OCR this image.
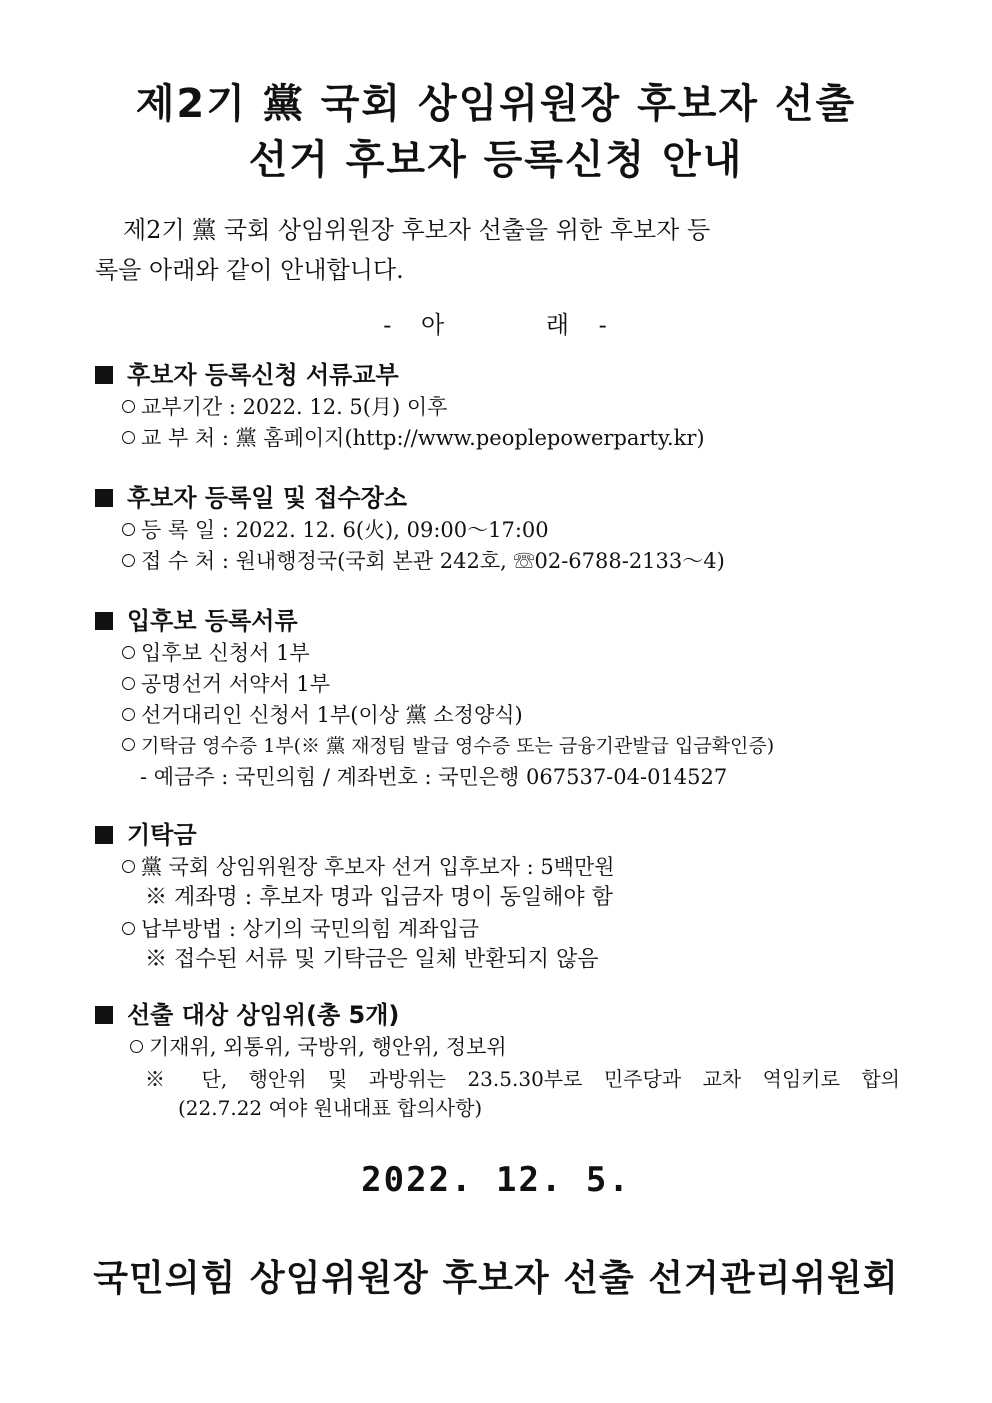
제2기 黨 국회 상임위원장 후보자 선출
선거 후보자 등록신청 안내
제2기 黨 국회 상임위원장 후보자 선출을 위한 후보자 등
록을 아래와 같이 안내합니다.
- 아	래 -
후보자 등록신청 서류교부
교부기간 : 2022. 12. 5(月) 이후
교 부 처 : 黨 홈페이지(http://www.peoplepowerparty.kr)
후보자 등록일 및 접수장소
등 록 일 : 2022. 12. 6(火), 09:00～17:00
접 수 처 : 원내행정국(국회 본관 242호, ☏02-6788-2133～4)
입후보 등록서류
입후보 신청서 1부
공명선거 서약서 1부
선거대리인 신청서 1부(이상 黨 소정양식)
기탁금 영수증 1부(※ 黨 재정팀 발급 영수증 또는 금융기관발급 입금확인증)
- 예금주 : 국민의힘 / 계좌번호 : 국민은행 067537-04-014527
기탁금
黨 국회 상임위원장 후보자 선거 입후보자 : 5백만원
※ 계좌명 : 후보자 명과 입금자 명이 동일해야 함
납부방법 : 상기의 국민의힘 계좌입금
※ 접수된 서류 및 기탁금은 일체 반환되지 않음
선출 대상 상임위(총 5개)
기재위, 외통위, 국방위, 행안위, 정보위
※ 단, 행안위 및 과방위는 23.5.30부로 민주당과 교차 역임키로 합의
(22.7.22 여야 원내대표 합의사항)
2022. 12. 5.
국민의힘 상임위원장 후보자 선출 선거관리위원회
